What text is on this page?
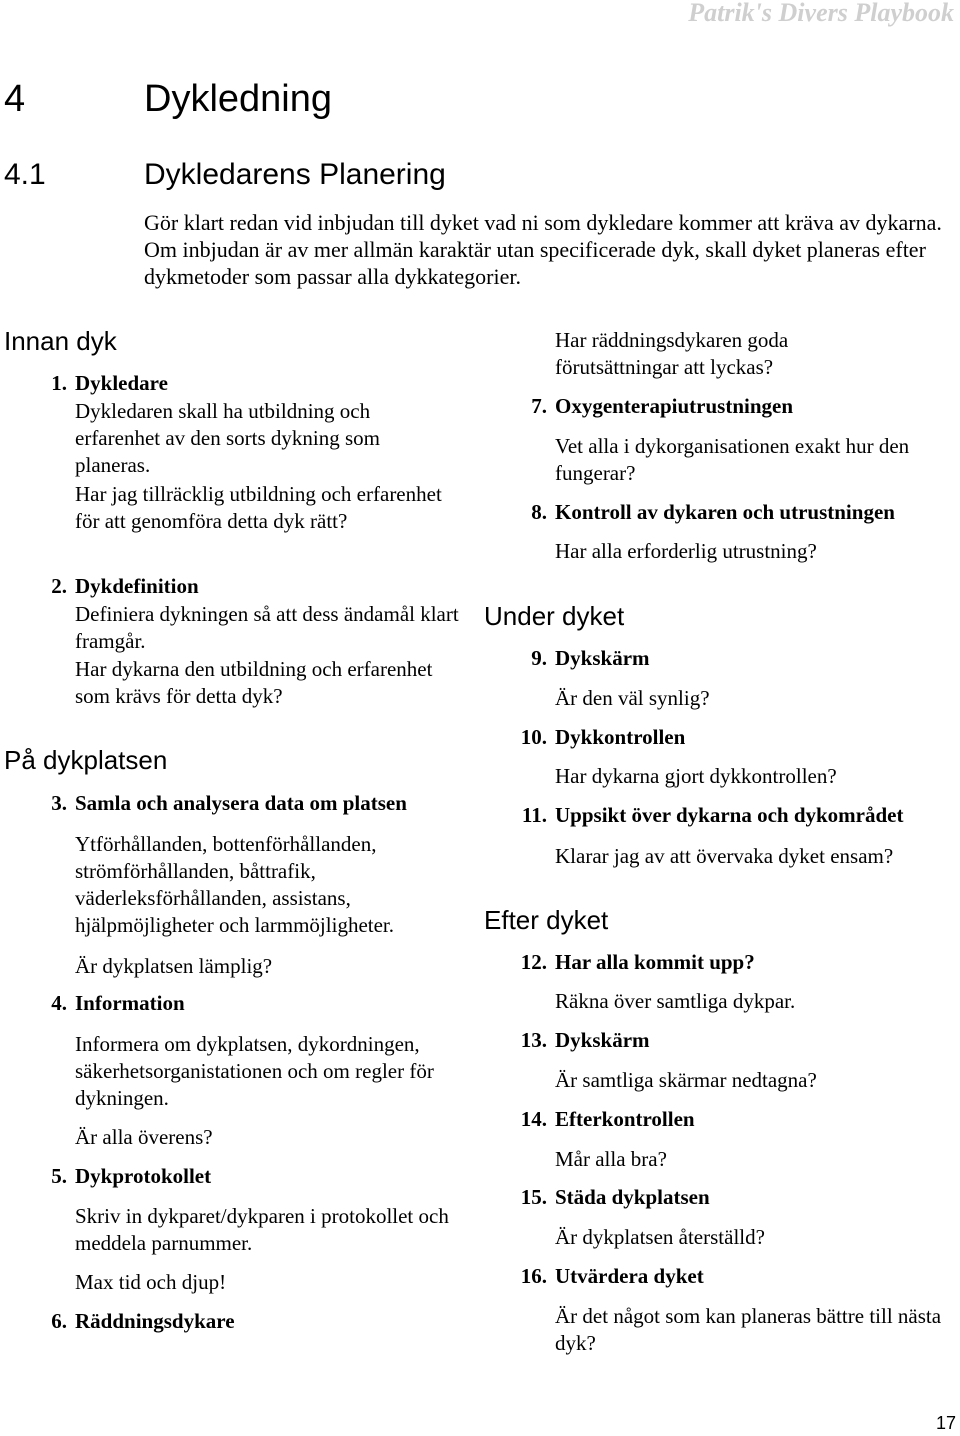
Patrik's Divers Playbook
4	Dykledning
4.1	Dykledarens Planering

Gör klart redan vid inbjudan till dyket vad ni som dykledare kommer att kräva av dykarna. Om inbjudan är av mer allmän karaktär utan specificerade dyk, skall dyket planeras efter dykmetoder som passar alla dykkategorier.

Innan dyk
1. Dykledare

Dykledaren skall ha utbildning och erfarenhet av den sorts dykning som planeras.

Har jag tillräcklig utbildning och erfarenhet för att genomföra detta dyk rätt?

2. Dykdefinition

Definiera dykningen så att dess ändamål klart framgår.

Har dykarna den utbildning och erfarenhet som krävs för detta dyk?

På dykplatsen
3. Samla och analysera data om platsen

Ytförhållanden, bottenförhållanden, strömförhållanden, båttrafik, väderleksförhållanden, assistans, hjälpmöjligheter och larmmöjligheter.

Är dykplatsen lämplig?

4. Information

Informera om dykplatsen, dykordningen, säkerhetsorganistationen och om regler för dykningen.

Är alla överens?

5. Dykprotokollet

Skriv in dykparet/dykparen i protokollet och meddela parnummer.

Max tid och djup!

6. Räddningsdykare

Har räddningsdykaren goda förutsättningar att lyckas?

7. Oxygenterapiutrustningen

Vet alla i dykorganisationen exakt hur den fungerar?

8. Kontroll av dykaren och utrustningen

Har alla erforderlig utrustning?

Under dyket
9. Dykskärm

Är den väl synlig?

10. Dykkontrollen

Har dykarna gjort dykkontrollen?

11. Uppsikt över dykarna och dykområdet

Klarar jag av att övervaka dyket ensam?

Efter dyket
12. Har alla kommit upp?

Räkna över samtliga dykpar.

13. Dykskärm

Är samtliga skärmar nedtagna?

14. Efterkontrollen

Mår alla bra?

15. Städa dykplatsen

Är dykplatsen återställd?

16. Utvärdera dyket

Är det något som kan planeras bättre till nästa dyk?

17
